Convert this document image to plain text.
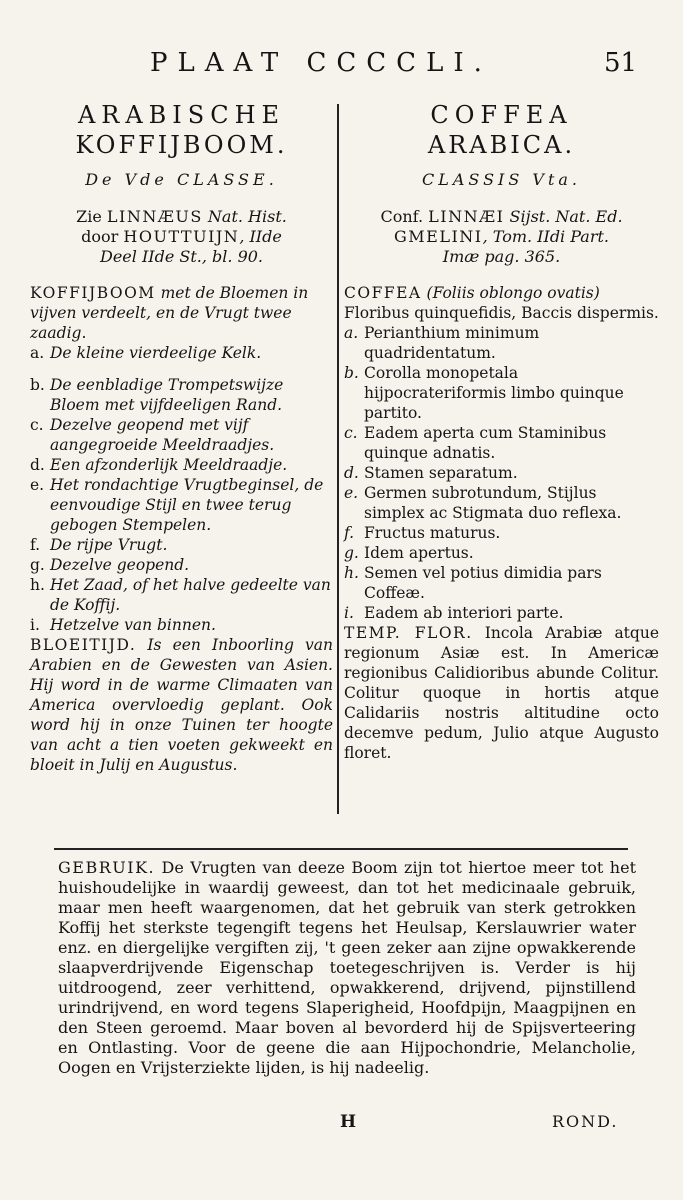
PLAAT CCCCLI.	51

ARABISCHE

KOFFIJBOOM.

De Vde CLASSE.

Zie LINNÆUS Nat. Hist.
door HOUTTUIJN, IIde
Deel IIde St., bl. 90.

KOFFIJBOOM met de Bloemen in vijven verdeelt, en de Vrugt twee zaadig.
a. De kleine vierdeelige Kelk.
b. De eenbladige Trompetswijze Bloem met vijfdeeligen Rand.
c. Dezelve geopend met vijf aangegroeide Meeldraadjes.
d. Een afzonderlijk Meeldraadje.
e. Het rondachtige Vrugtbeginsel, de eenvoudige Stijl en twee terug gebogen Stempelen.
f. De rijpe Vrugt.
g. Dezelve geopend.
h. Het Zaad, of het halve gedeelte van de Koffij.
i. Hetzelve van binnen.

BLOEITIJD. Is een Inboorling van Arabien en de Gewesten van Asien. Hij word in de warme Climaaten van America overvloedig geplant. Ook word hij in onze Tuinen ter hoogte van acht a tien voeten gekweekt en bloeit in Julij en Augustus.

COFFEA

ARABICA.

CLASSIS Vta.

Conf. LINNÆI Sijst. Nat. Ed.
GMELINI, Tom. IIdi Part.
Imæ pag. 365.

COFFEA (Foliis oblongo ovatis) Floribus quinquefidis, Baccis dispermis.
a. Perianthium minimum quadridentatum.
b. Corolla monopetala hijpocrateriformis limbo quinque partito.
c. Eadem aperta cum Staminibus quinque adnatis.
d. Stamen separatum.
e. Germen subrotundum, Stijlus simplex ac Stigmata duo reflexa.
f. Fructus maturus.
g. Idem apertus.
h. Semen vel potius dimidia pars Coffeæ.
i. Eadem ab interiori parte.

TEMP. FLOR. Incola Arabiæ atque regionum Asiæ est. In Americæ regionibus Calidioribus abunde Colitur. Colitur quoque in hortis atque Calidariis nostris altitudine octo decemve pedum, Julio atque Augusto floret.

GEBRUIK. De Vrugten van deeze Boom zijn tot hiertoe meer tot het huishoudelijke in waardij geweest, dan tot het medicinaale gebruik, maar men heeft waargenomen, dat het gebruik van sterk getrokken Koffij het sterkste tegengift tegens het Heulsap, Kerslauwrier water enz. en diergelijke vergiften zij, 't geen zeker aan zijne opwakkerende slaapverdrijvende Eigenschap toetegeschrijven is. Verder is hij uitdroogend, zeer verhittend, opwakkerend, drijvend, pijnstillend urindrijvend, en word tegens Slaperigheid, Hoofdpijn, Maagpijnen en den Steen geroemd. Maar boven al bevorderd hij de Spijsverteering en Ontlasting. Voor de geene die aan Hijpochondrie, Melancholie, Oogen en Vrijsterziekte lijden, is hij nadeelig.

H	ROND.
